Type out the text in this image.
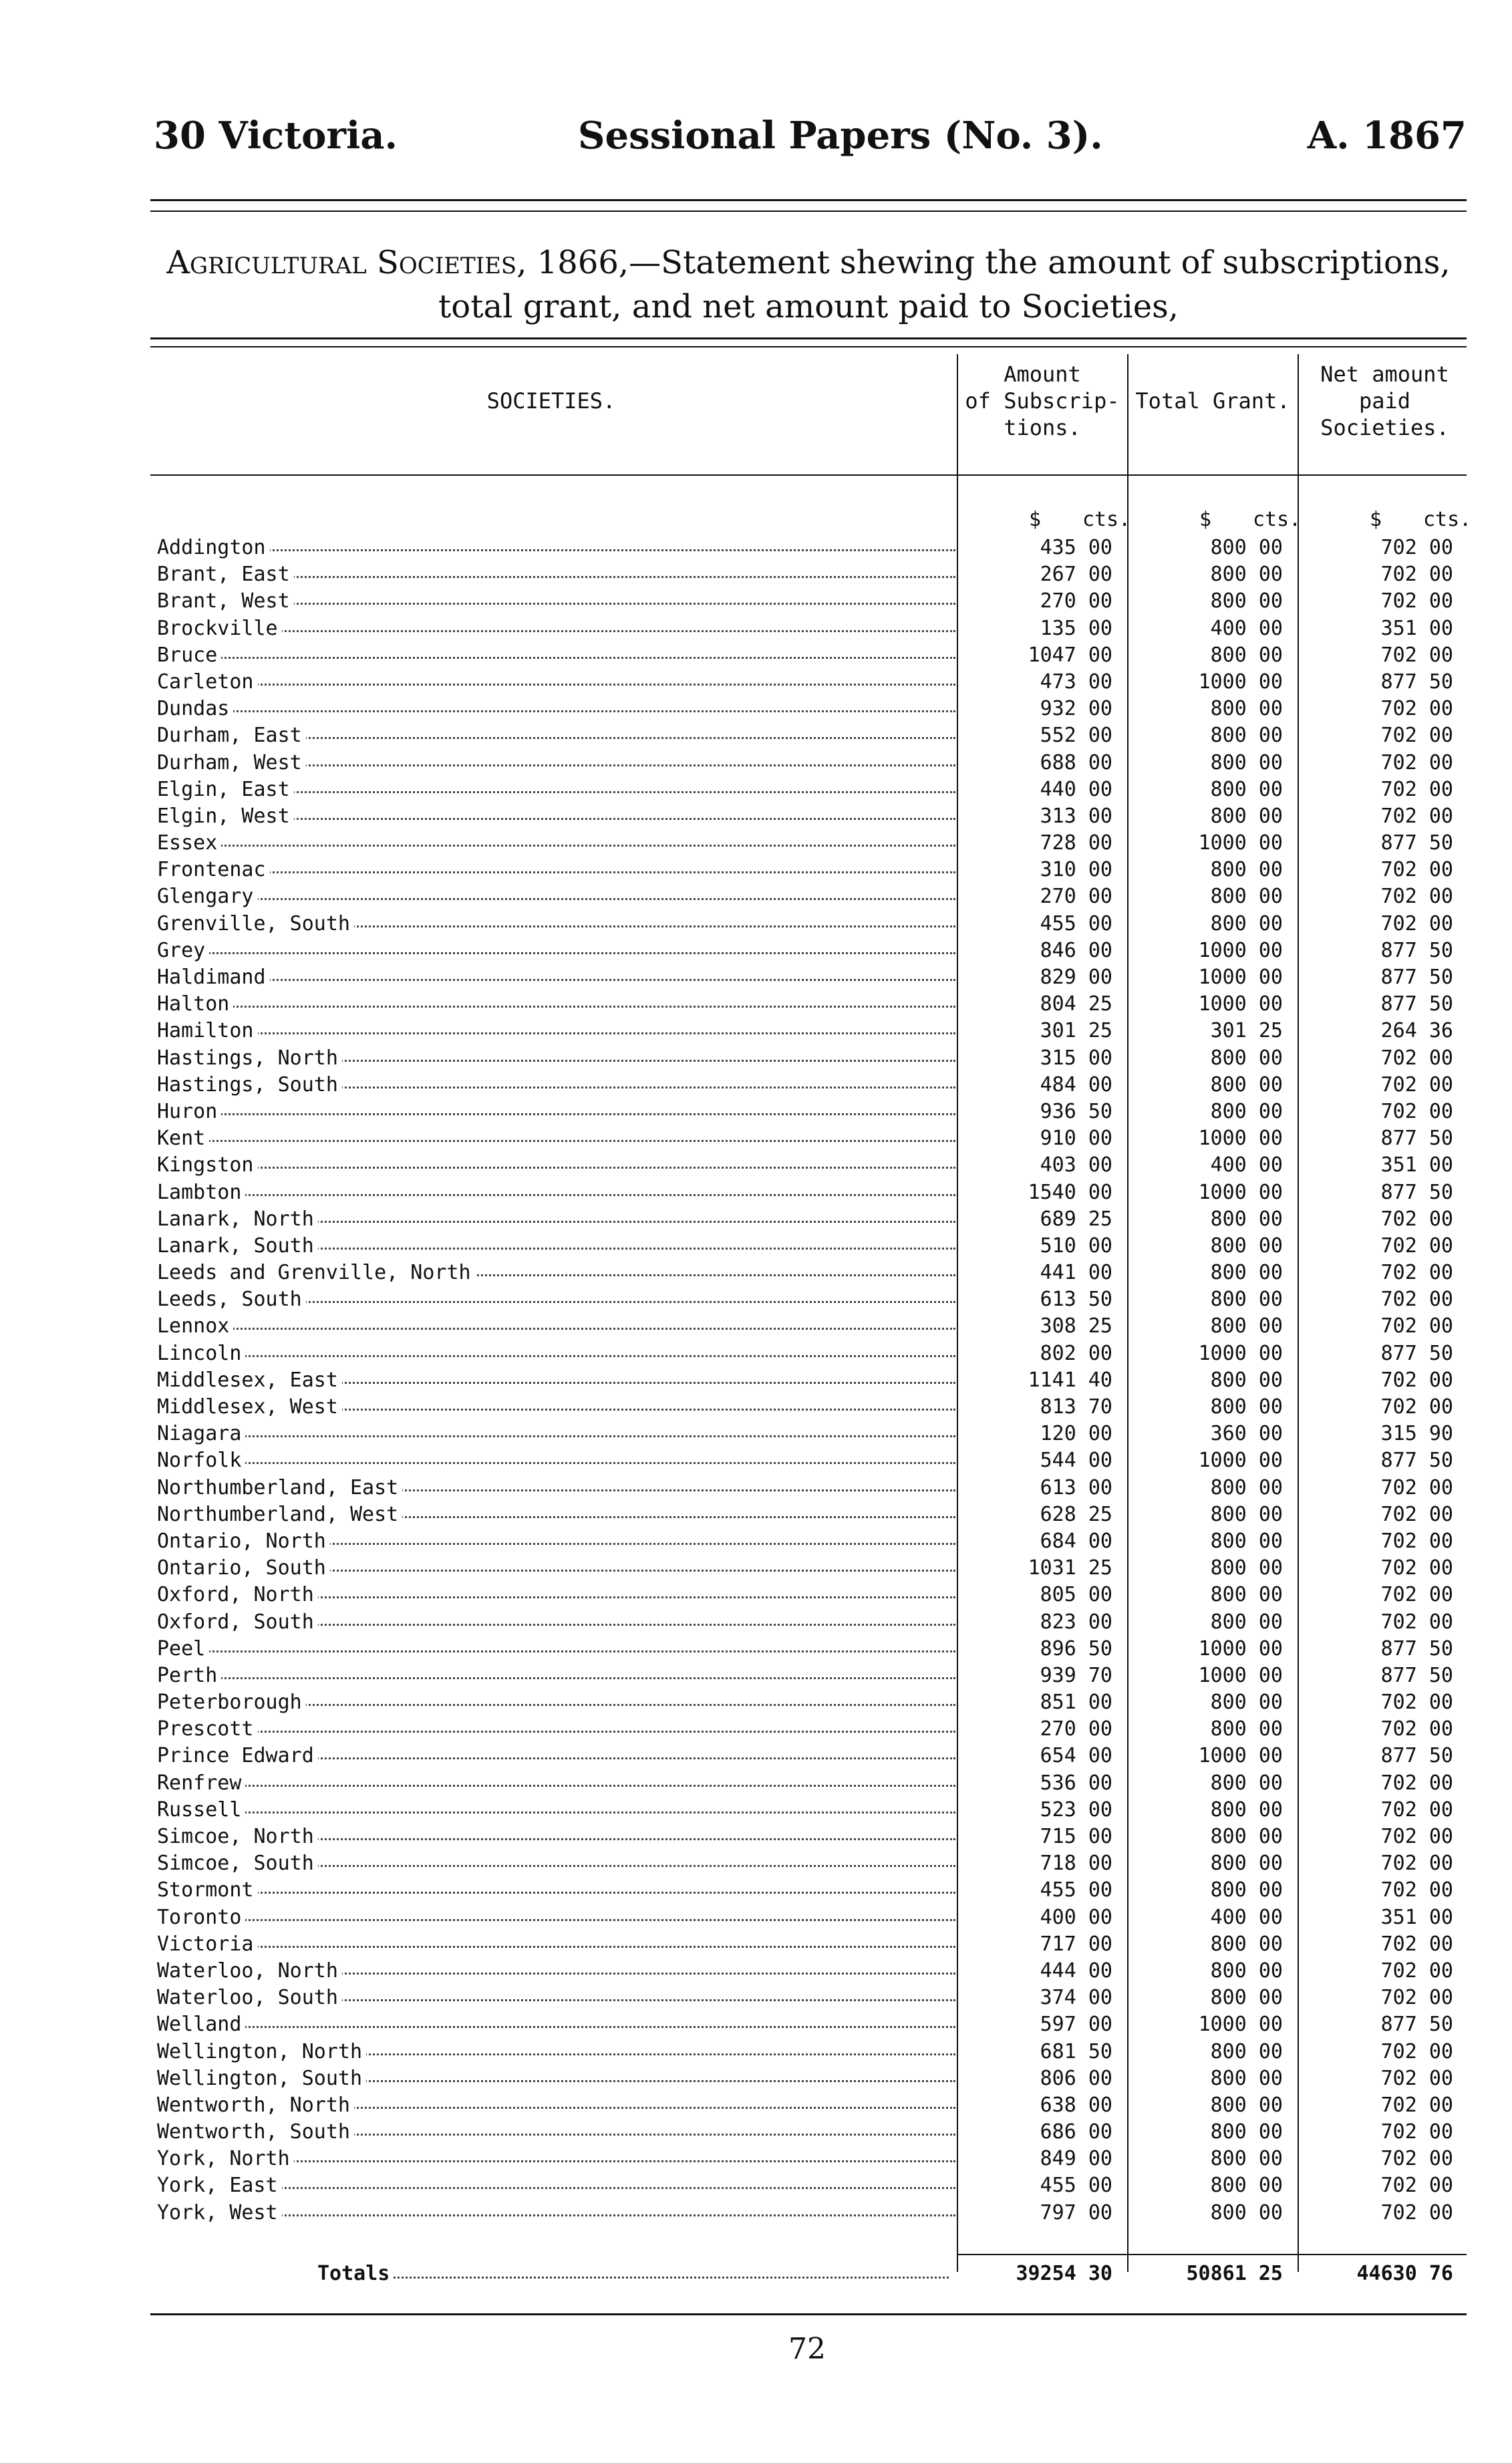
30 Victoria.	Sessional Papers (No. 3).	A. 1867
Agricultural Societies, 1866,—Statement shewing the amount of subscriptions,
total grant, and net amount paid to Societies,
SOCIETIES.
Amount
of Subscrip-
tions.
Total Grant.
Net amount
paid
Societies.
$ cts.	$ cts.	$ cts.
Addington	435 00	800 00	702 00
Brant, East	267 00	800 00	702 00
Brant, West	270 00	800 00	702 00
Brockville	135 00	400 00	351 00
Bruce	1047 00	800 00	702 00
Carleton	473 00	1000 00	877 50
Dundas	932 00	800 00	702 00
Durham, East	552 00	800 00	702 00
Durham, West	688 00	800 00	702 00
Elgin, East	440 00	800 00	702 00
Elgin, West	313 00	800 00	702 00
Essex	728 00	1000 00	877 50
Frontenac	310 00	800 00	702 00
Glengary	270 00	800 00	702 00
Grenville, South	455 00	800 00	702 00
Grey	846 00	1000 00	877 50
Haldimand	829 00	1000 00	877 50
Halton	804 25	1000 00	877 50
Hamilton	301 25	301 25	264 36
Hastings, North	315 00	800 00	702 00
Hastings, South	484 00	800 00	702 00
Huron	936 50	800 00	702 00
Kent	910 00	1000 00	877 50
Kingston	403 00	400 00	351 00
Lambton	1540 00	1000 00	877 50
Lanark, North	689 25	800 00	702 00
Lanark, South	510 00	800 00	702 00
Leeds and Grenville, North	441 00	800 00	702 00
Leeds, South	613 50	800 00	702 00
Lennox	308 25	800 00	702 00
Lincoln	802 00	1000 00	877 50
Middlesex, East	1141 40	800 00	702 00
Middlesex, West	813 70	800 00	702 00
Niagara	120 00	360 00	315 90
Norfolk	544 00	1000 00	877 50
Northumberland, East	613 00	800 00	702 00
Northumberland, West	628 25	800 00	702 00
Ontario, North	684 00	800 00	702 00
Ontario, South	1031 25	800 00	702 00
Oxford, North	805 00	800 00	702 00
Oxford, South	823 00	800 00	702 00
Peel	896 50	1000 00	877 50
Perth	939 70	1000 00	877 50
Peterborough	851 00	800 00	702 00
Prescott	270 00	800 00	702 00
Prince Edward	654 00	1000 00	877 50
Renfrew	536 00	800 00	702 00
Russell	523 00	800 00	702 00
Simcoe, North	715 00	800 00	702 00
Simcoe, South	718 00	800 00	702 00
Stormont	455 00	800 00	702 00
Toronto	400 00	400 00	351 00
Victoria	717 00	800 00	702 00
Waterloo, North	444 00	800 00	702 00
Waterloo, South	374 00	800 00	702 00
Welland	597 00	1000 00	877 50
Wellington, North	681 50	800 00	702 00
Wellington, South	806 00	800 00	702 00
Wentworth, North	638 00	800 00	702 00
Wentworth, South	686 00	800 00	702 00
York, North	849 00	800 00	702 00
York, East	455 00	800 00	702 00
York, West	797 00	800 00	702 00
Totals	39254 30	50861 25	44630 76
72
